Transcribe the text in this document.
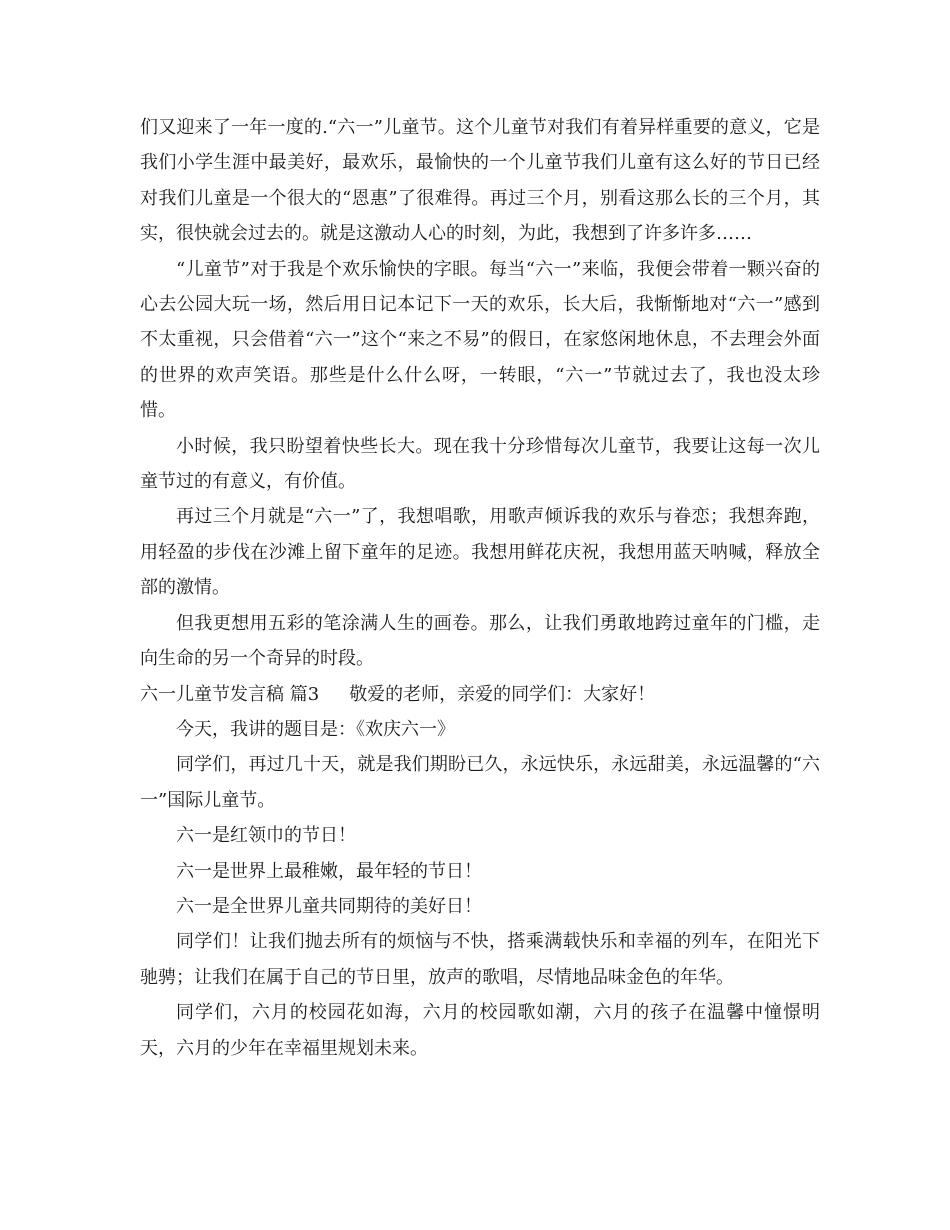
们又迎来了一年一度的.“六一”儿童节。这个儿童节对我们有着异样重要的意义，它是我们小学生涯中最美好，最欢乐，最愉快的一个儿童节我们儿童有这么好的节日已经对我们儿童是一个很大的“恩惠”了很难得。再过三个月，别看这那么长的三个月，其实，很快就会过去的。就是这激动人心的时刻，为此，我想到了许多许多……

“儿童节”对于我是个欢乐愉快的字眼。每当“六一”来临，我便会带着一颗兴奋的心去公园大玩一场，然后用日记本记下一天的欢乐，长大后，我惭惭地对“六一”感到不太重视，只会借着“六一”这个“来之不易”的假日，在家悠闲地休息，不去理会外面的世界的欢声笑语。那些是什么什么呀，一转眼，“六一”节就过去了，我也没太珍惜。

小时候，我只盼望着快些长大。现在我十分珍惜每次儿童节，我要让这每一次儿童节过的有意义，有价值。

再过三个月就是“六一”了，我想唱歌，用歌声倾诉我的欢乐与眷恋；我想奔跑，用轻盈的步伐在沙滩上留下童年的足迹。我想用鲜花庆祝，我想用蓝天呐喊，释放全部的激情。

但我更想用五彩的笔涂满人生的画卷。那么，让我们勇敢地跨过童年的门槛，走向生命的另一个奇异的时段。

六一儿童节发言稿 篇3 敬爱的老师，亲爱的同学们：大家好！

今天，我讲的题目是：《欢庆六一》

同学们，再过几十天，就是我们期盼已久，永远快乐，永远甜美，永远温馨的“六一”国际儿童节。

六一是红领巾的节日！

六一是世界上最稚嫩，最年轻的节日！

六一是全世界儿童共同期待的美好日！

同学们！让我们抛去所有的烦恼与不快，搭乘满载快乐和幸福的列车，在阳光下驰骋；让我们在属于自己的节日里，放声的歌唱，尽情地品味金色的年华。

同学们，六月的校园花如海，六月的校园歌如潮，六月的孩子在温馨中憧憬明天，六月的少年在幸福里规划未来。
